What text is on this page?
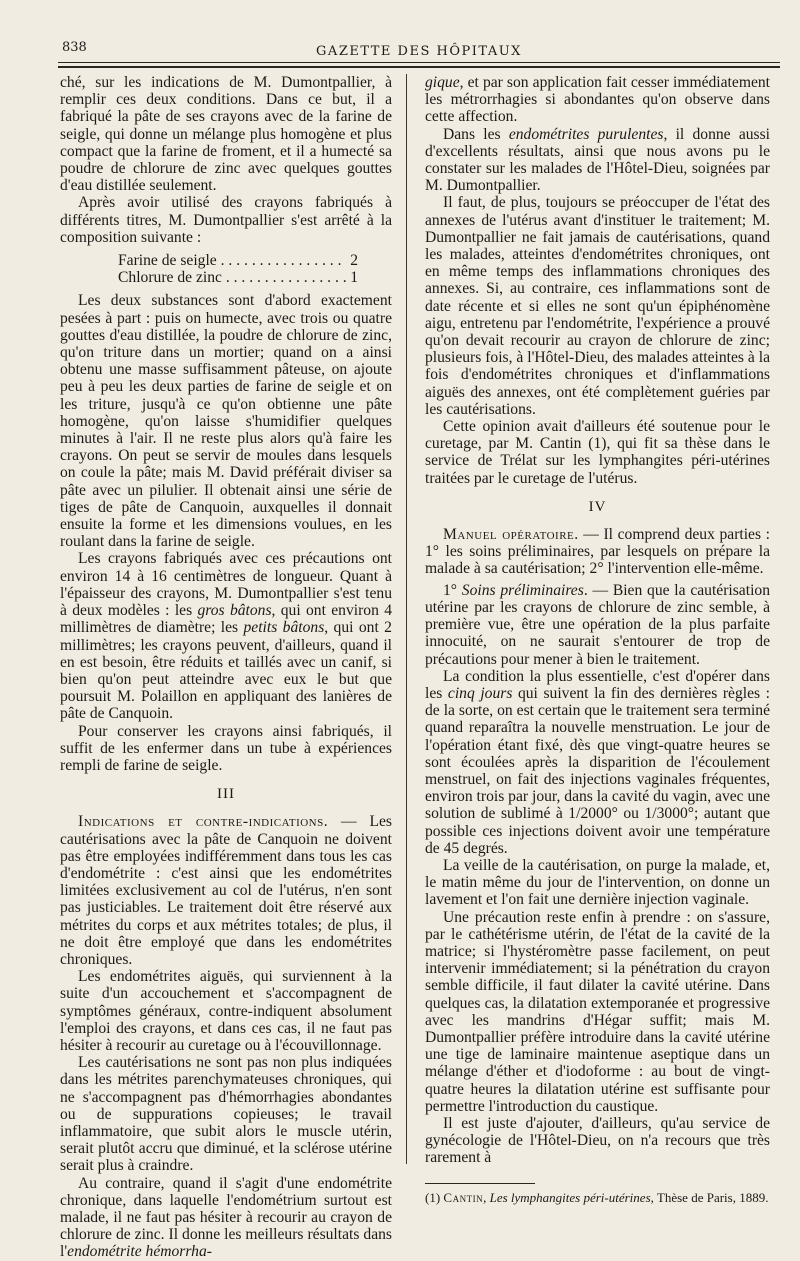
838	GAZETTE DES HÔPITAUX

ché, sur les indications de M. Dumontpallier, à remplir ces deux conditions. Dans ce but, il a fabriqué la pâte de ses crayons avec de la farine de seigle, qui donne un mélange plus homogène et plus compact que la farine de froment, et il a humecté sa poudre de chlorure de zinc avec quelques gouttes d'eau distillée seulement.

Après avoir utilisé des crayons fabriqués à différents titres, M. Dumontpallier s'est arrêté à la composition suivante :

Farine de seigle . . .	2
Chlorure de zinc . . .	1

Les deux substances sont d'abord exactement pesées à part : puis on humecte, avec trois ou quatre gouttes d'eau distillée, la poudre de chlorure de zinc, qu'on triture dans un mortier; quand on a ainsi obtenu une masse suffisamment pâteuse, on ajoute peu à peu les deux parties de farine de seigle et on les triture, jusqu'à ce qu'on obtienne une pâte homogène, qu'on laisse s'humidifier quelques minutes à l'air. Il ne reste plus alors qu'à faire les crayons. On peut se servir de moules dans lesquels on coule la pâte; mais M. David préférait diviser sa pâte avec un pilulier. Il obtenait ainsi une série de tiges de pâte de Canquoin, auxquelles il donnait ensuite la forme et les dimensions voulues, en les roulant dans la farine de seigle.

Les crayons fabriqués avec ces précautions ont environ 14 à 16 centimètres de longueur. Quant à l'épaisseur des crayons, M. Dumontpallier s'est tenu à deux modèles : les gros bâtons, qui ont environ 4 millimètres de diamètre; les petits bâtons, qui ont 2 millimètres; les crayons peuvent, d'ailleurs, quand il en est besoin, être réduits et taillés avec un canif, si bien qu'on peut atteindre avec eux le but que poursuit M. Polaillon en appliquant des lanières de pâte de Canquoin.

Pour conserver les crayons ainsi fabriqués, il suffit de les enfermer dans un tube à expériences rempli de farine de seigle.

III

Indications et contre-indications. — Les cautérisations avec la pâte de Canquoin ne doivent pas être employées indifféremment dans tous les cas d'endométrite : c'est ainsi que les endométrites limitées exclusivement au col de l'utérus, n'en sont pas justiciables. Le traitement doit être réservé aux métrites du corps et aux métrites totales; de plus, il ne doit être employé que dans les endométrites chroniques.

Les endométrites aiguës, qui surviennent à la suite d'un accouchement et s'accompagnent de symptômes généraux, contre-indiquent absolument l'emploi des crayons, et dans ces cas, il ne faut pas hésiter à recourir au curetage ou à l'écouvillonnage.

Les cautérisations ne sont pas non plus indiquées dans les métrites parenchymateuses chroniques, qui ne s'accompagnent pas d'hémorrhagies abondantes ou de suppurations copieuses; le travail inflammatoire, que subit alors le muscle utérin, serait plutôt accru que diminué, et la sclérose utérine serait plus à craindre.

Au contraire, quand il s'agit d'une endométrite chronique, dans laquelle l'endométrium surtout est malade, il ne faut pas hésiter à recourir au crayon de chlorure de zinc. Il donne les meilleurs résultats dans l'endométrite hémorrha-

gique, et par son application fait cesser immédiatement les métrorrhagies si abondantes qu'on observe dans cette affection.

Dans les endométrites purulentes, il donne aussi d'excellents résultats, ainsi que nous avons pu le constater sur les malades de l'Hôtel-Dieu, soignées par M. Dumontpallier.

Il faut, de plus, toujours se préoccuper de l'état des annexes de l'utérus avant d'instituer le traitement; M. Dumontpallier ne fait jamais de cautérisations, quand les malades, atteintes d'endométrites chroniques, ont en même temps des inflammations chroniques des annexes. Si, au contraire, ces inflammations sont de date récente et si elles ne sont qu'un épiphénomène aigu, entretenu par l'endométrite, l'expérience a prouvé qu'on devait recourir au crayon de chlorure de zinc; plusieurs fois, à l'Hôtel-Dieu, des malades atteintes à la fois d'endométrites chroniques et d'inflammations aiguës des annexes, ont été complètement guéries par les cautérisations.

Cette opinion avait d'ailleurs été soutenue pour le curetage, par M. Cantin (1), qui fit sa thèse dans le service de Trélat sur les lymphangites péri-utérines traitées par le curetage de l'utérus.

IV

Manuel opératoire. — Il comprend deux parties : 1° les soins préliminaires, par lesquels on prépare la malade à sa cautérisation; 2° l'intervention elle-même.

1° Soins préliminaires. — Bien que la cautérisation utérine par les crayons de chlorure de zinc semble, à première vue, être une opération de la plus parfaite innocuité, on ne saurait s'entourer de trop de précautions pour mener à bien le traitement.

La condition la plus essentielle, c'est d'opérer dans les cinq jours qui suivent la fin des dernières règles : de la sorte, on est certain que le traitement sera terminé quand reparaîtra la nouvelle menstruation. Le jour de l'opération étant fixé, dès que vingt-quatre heures se sont écoulées après la disparition de l'écoulement menstruel, on fait des injections vaginales fréquentes, environ trois par jour, dans la cavité du vagin, avec une solution de sublimé à 1/2000° ou 1/3000°; autant que possible ces injections doivent avoir une température de 45 degrés.

La veille de la cautérisation, on purge la malade, et, le matin même du jour de l'intervention, on donne un lavement et l'on fait une dernière injection vaginale.

Une précaution reste enfin à prendre : on s'assure, par le cathétérisme utérin, de l'état de la cavité de la matrice; si l'hystéromètre passe facilement, on peut intervenir immédiatement; si la pénétration du crayon semble difficile, il faut dilater la cavité utérine. Dans quelques cas, la dilatation extemporanée et progressive avec les mandrins d'Hégar suffit; mais M. Dumontpallier préfère introduire dans la cavité utérine une tige de laminaire maintenue aseptique dans un mélange d'éther et d'iodoforme : au bout de vingt-quatre heures la dilatation utérine est suffisante pour permettre l'introduction du caustique.

Il est juste d'ajouter, d'ailleurs, qu'au service de gynécologie de l'Hôtel-Dieu, on n'a recours que très rarement à

(1) Cantin, Les lymphangites péri-utérines, Thèse de Paris, 1889.
